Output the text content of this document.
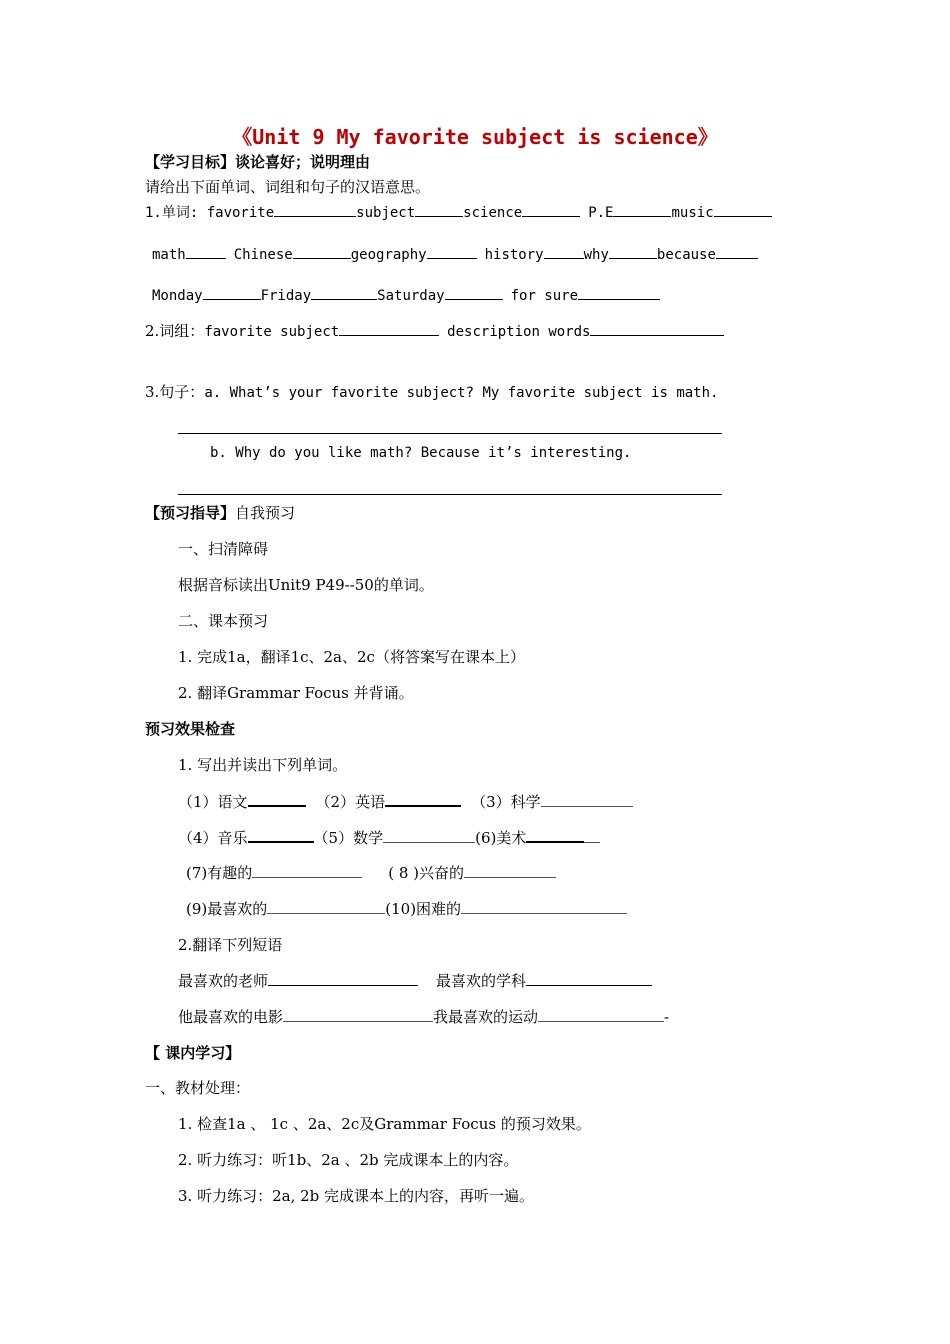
《Unit 9 My favorite subject is science》
【学习目标】谈论喜好；说明理由
请给出下面单词、词组和句子的汉语意思。
1.单词: favorite	subject	science	P.E	music
math	Chinese	geography	history	why	because
Monday	Friday	Saturday	for sure
2.词组：favorite subject	description words
3.句子：a. What’s your favorite subject? My favorite subject is math.
b. Why do you like math? Because it’s interesting.
【预习指导】自我预习
一、扫清障碍
根据音标读出Unit9 P49--50的单词。
二、课本预习
1. 完成1a，翻译1c、2a、2c（将答案写在课本上）
2. 翻译Grammar Focus 并背诵。
预习效果检查
1. 写出并读出下列单词。
（1）语文	（2）英语	（3）科学
（4）音乐	（5）数学	(6)美术
(7)有趣的	( 8 )兴奋的
(9)最喜欢的	(10)困难的
2.翻译下列短语
最喜欢的老师	最喜欢的学科
他最喜欢的电影	我最喜欢的运动	-
【 课内学习】
一、教材处理：
1. 检查1a 、 1c 、2a、2c及Grammar Focus 的预习效果。
2. 听力练习：听1b、2a 、2b 完成课本上的内容。
3. 听力练习：2a, 2b 完成课本上的内容，再听一遍。
